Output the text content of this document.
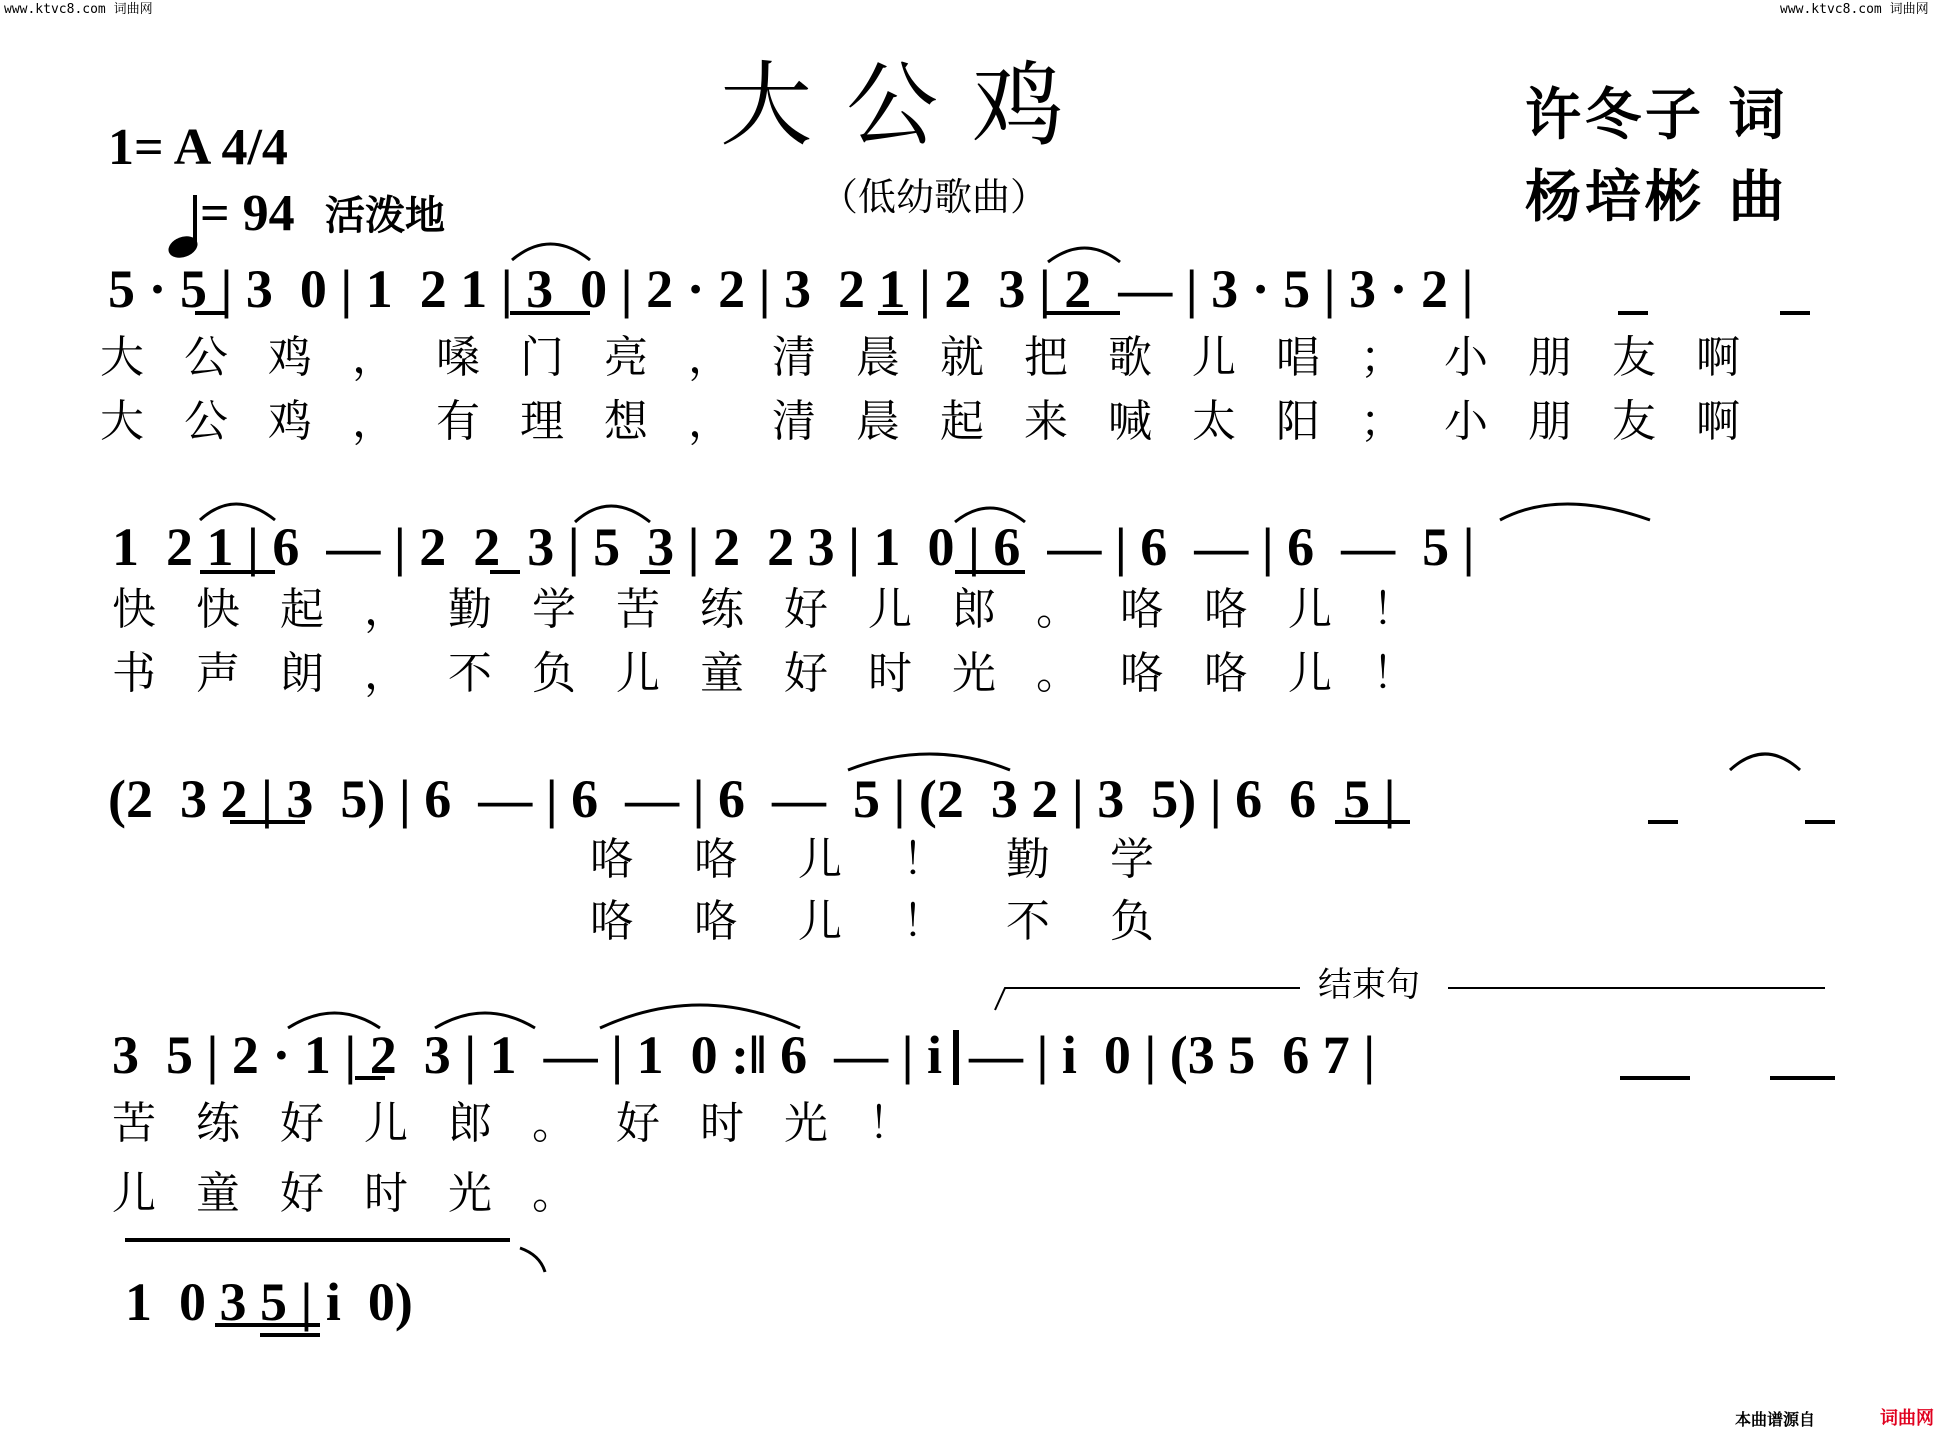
www.ktvc8.com 词曲网	www.ktvc8.com 词曲网
大公鸡
（低幼歌曲）
许冬子 词
杨培彬 曲
1= A 4/4

= 94 活泼地
5 · 5 | 3  0 | 1  2 1 | 3  0 | 2 · 2 | 3  2 1 | 2  3 | 2  — | 3 · 5 | 3 · 2 |
大公鸡，嗓门亮，清晨就把歌儿唱；小朋友啊
大公鸡，有理想，清晨起来喊太阳；小朋友啊
1  2 1 | 6  — | 2  2  3 | 5  3 | 2  2 3 | 1  0 | 6  — | 6  — | 6  —  5 |
快快起，勤学苦练好儿郎。咯咯儿！
书声朗，不负儿童好时光。咯咯儿！
(2  3 2 | 3  5) | 6  — | 6  — | 6  —  5 | (2  3 2 | 3  5) | 6  6  5 |
咯咯儿！勤学
咯咯儿！不负
结束句
3  5 | 2 · 1 | 2  3 | 1  — | 1  0 :‖ 6  — | i  — | i  0 | (3 5  6 7 |
苦练好儿郎。好时光！
儿童好时光。
1  0 3 5 | i  0)
本曲谱源自	词曲网
